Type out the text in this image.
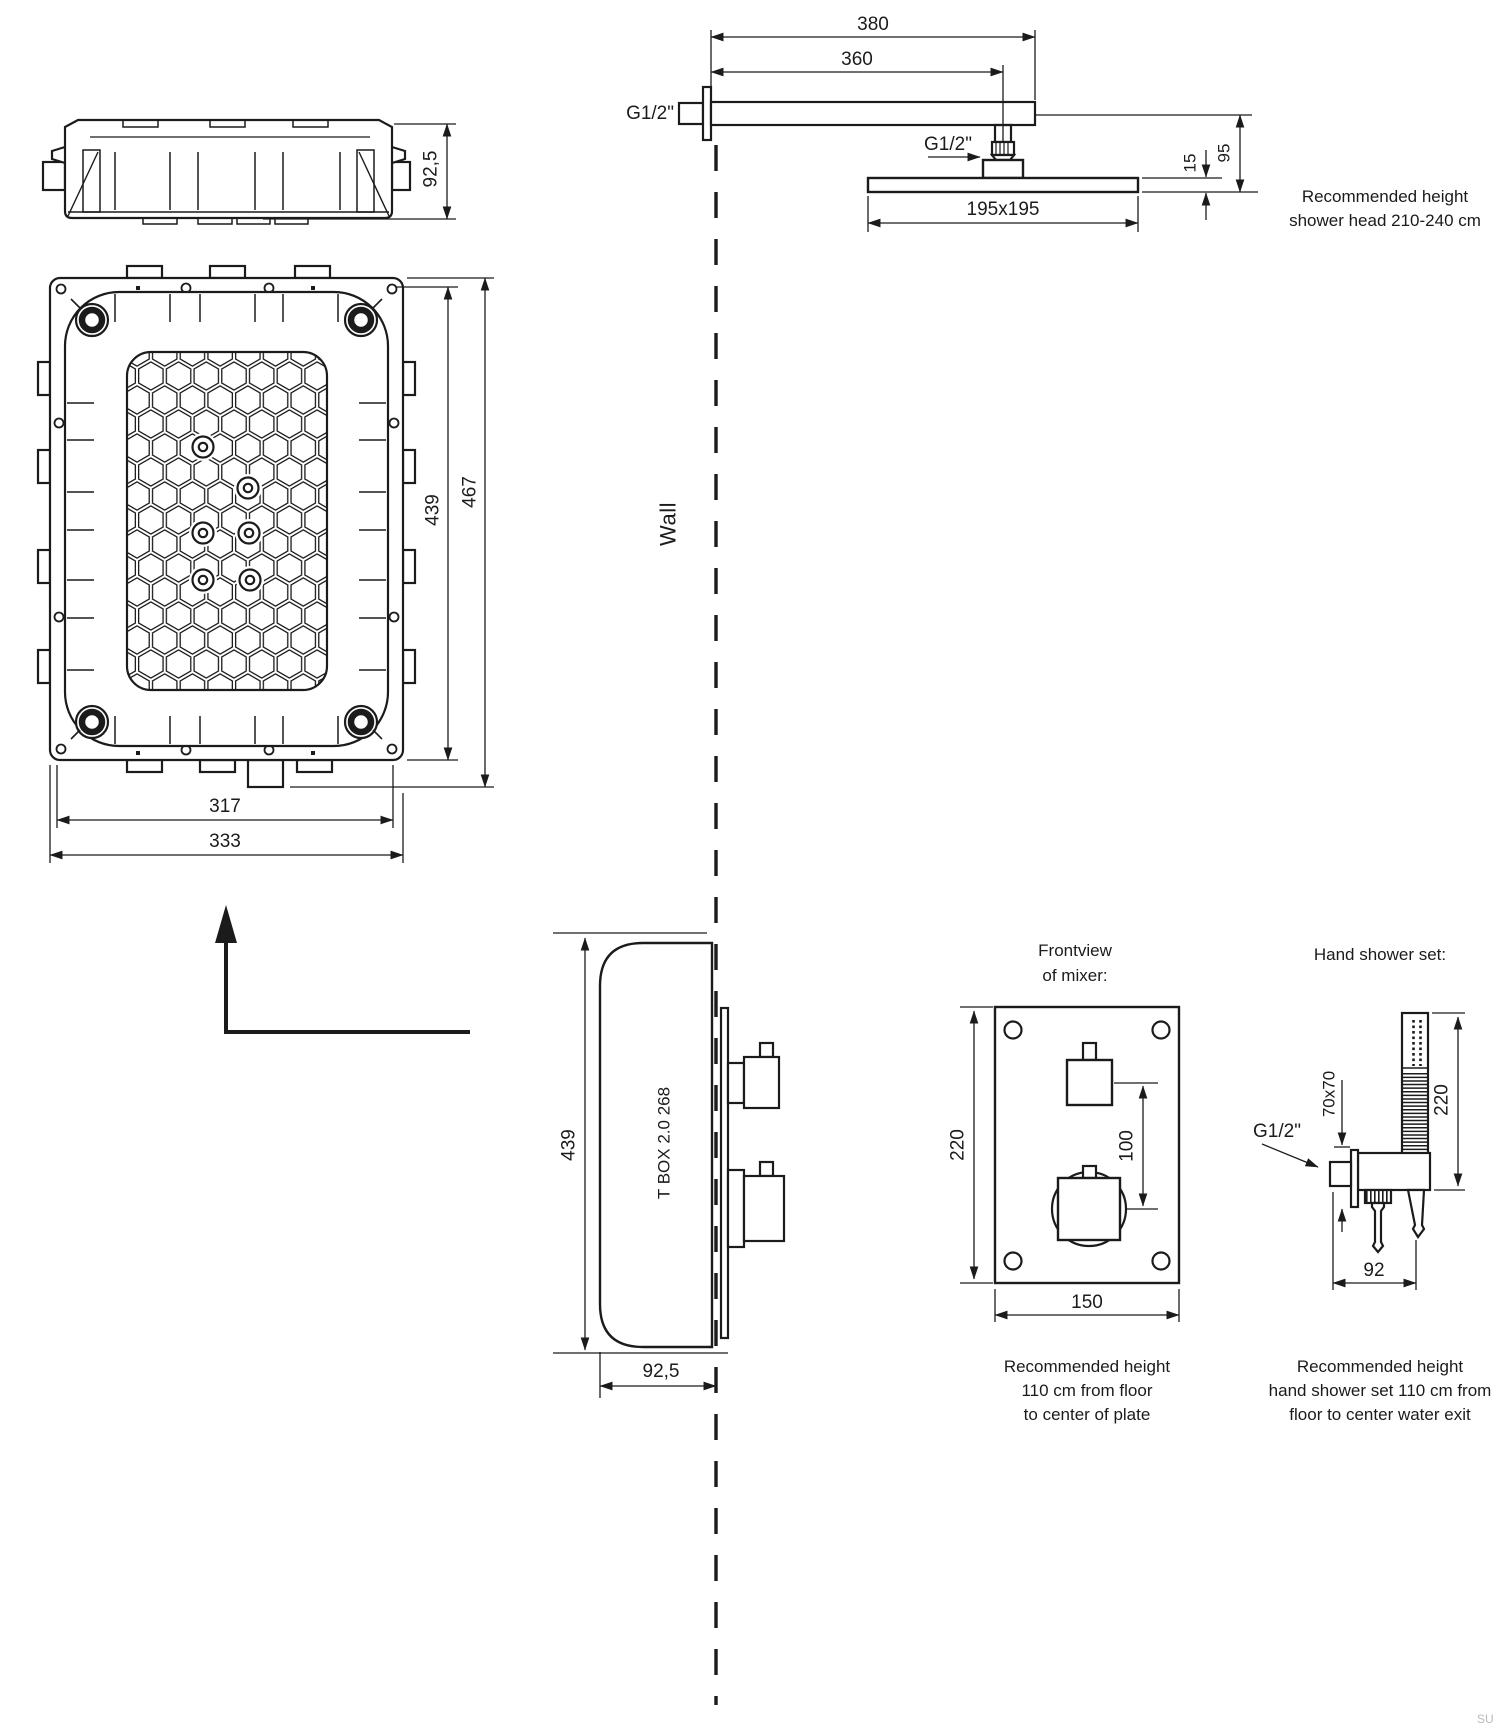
Wall
92,5
439
467
317
333
380
360
G1/2"
G1/2"
195x195
15
95
Recommended height
shower head 210-240 cm
439	T BOX 2.0 268
92,5
Frontview
of mixer:
220	100
150
Recommended height
110 cm from floor
to center of plate
Hand shower set:
70x70
G1/2"
220
92
Recommended height
hand shower set 110 cm from
floor to center water exit
SU
